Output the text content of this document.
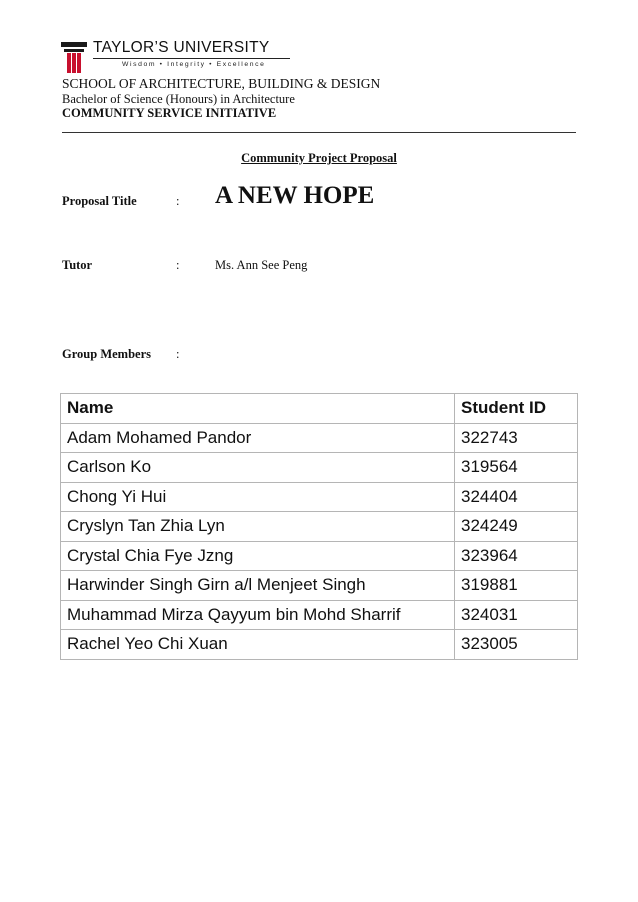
TAYLOR’S UNIVERSITY
Wisdom • Integrity • Excellence
SCHOOL OF ARCHITECTURE, BUILDING & DESIGN
Bachelor of Science (Honours) in Architecture
COMMUNITY SERVICE INITIATIVE
Community Project Proposal
Proposal Title	: A NEW HOPE
Tutor	:	Ms. Ann See Peng
Group Members :
Name	Student ID
Adam Mohamed Pandor	322743
Carlson Ko	319564
Chong Yi Hui	324404
Cryslyn Tan Zhia Lyn	324249
Crystal Chia Fye Jzng	323964
Harwinder Singh Girn a/l Menjeet Singh	319881
Muhammad Mirza Qayyum bin Mohd Sharrif	324031
Rachel Yeo Chi Xuan	323005
